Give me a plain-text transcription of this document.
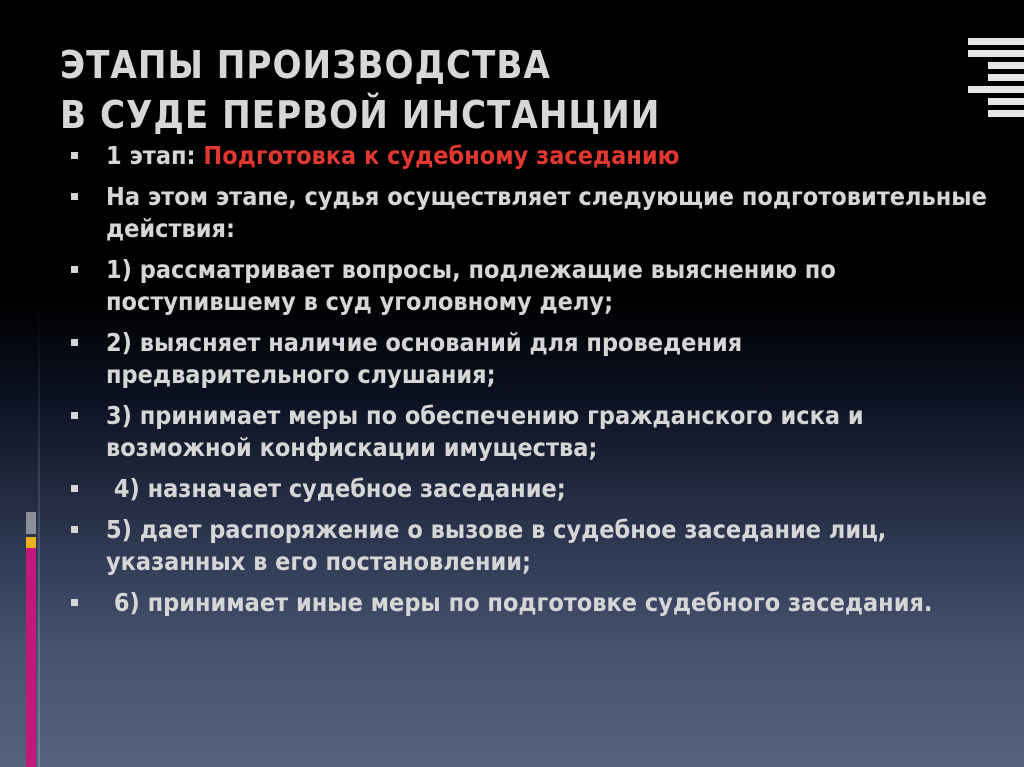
ЭТАПЫ ПРОИЗВОДСТВА
В СУДЕ ПЕРВОЙ ИНСТАНЦИИ
1 этап: Подготовка к судебному заседанию
На этом этапе, судья осуществляет следующие подготовительные действия:
1) рассматривает вопросы, подлежащие выяснению по поступившему в суд уголовному делу;
2) выясняет наличие оснований для проведения предварительного слушания;
3) принимает меры по обеспечению гражданского иска и возможной конфискации имущества;
4) назначает судебное заседание;
5) дает распоряжение о вызове в судебное заседание лиц, указанных в его постановлении;
6) принимает иные меры по подготовке судебного заседания.
